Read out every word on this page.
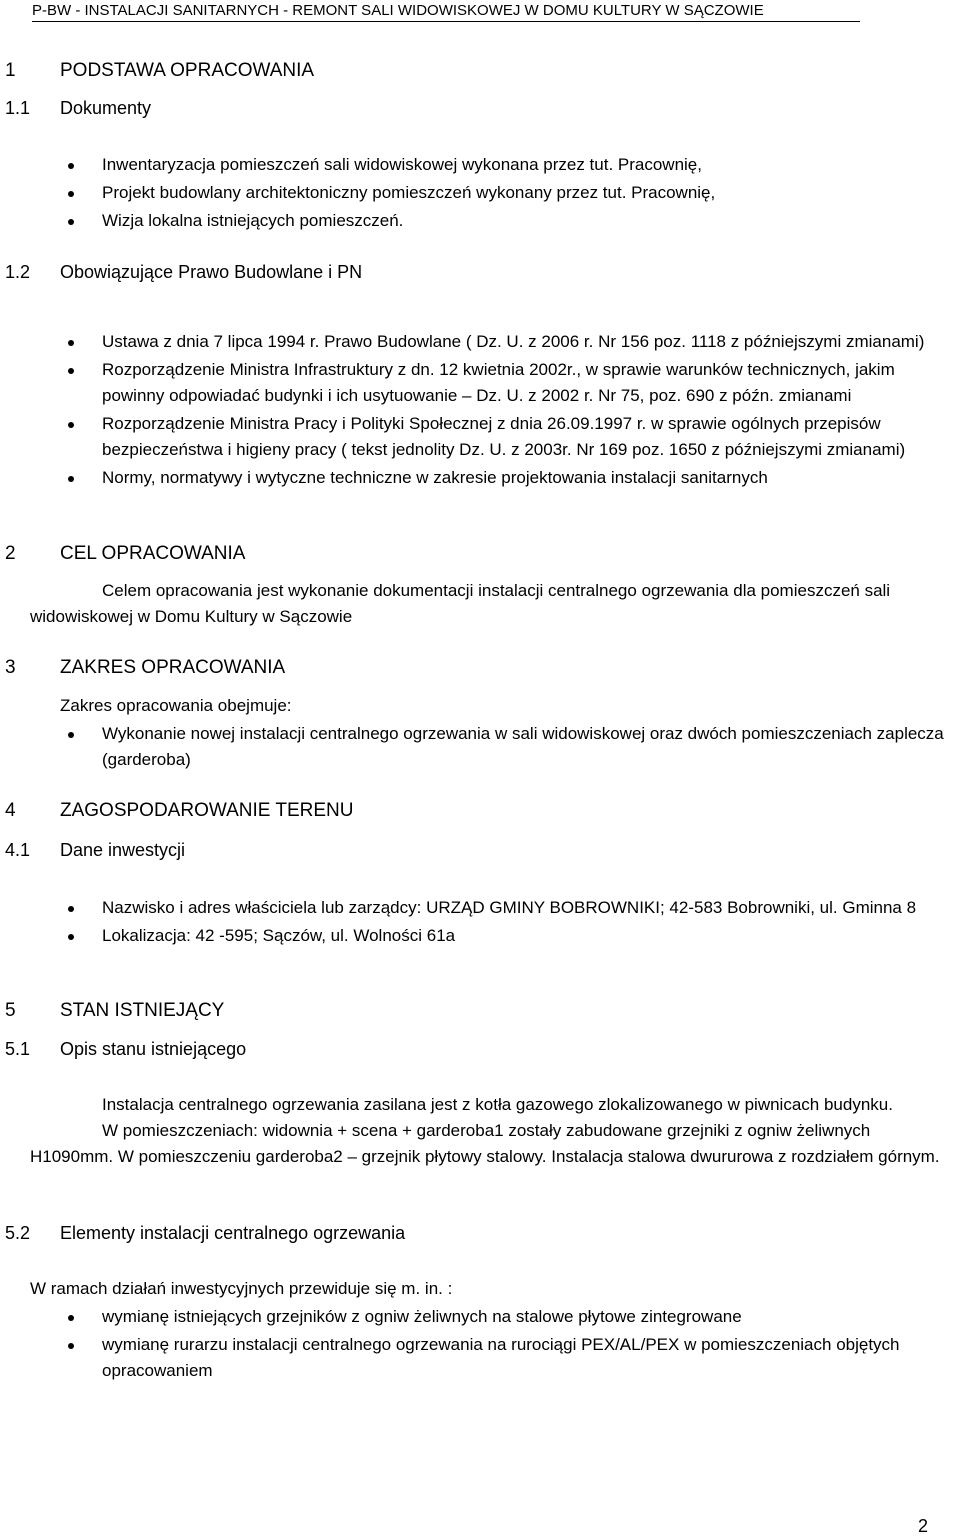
P-BW - INSTALACJI SANITARNYCH - REMONT SALI WIDOWISKOWEJ W DOMU KULTURY W SĄCZOWIE
1 PODSTAWA OPRACOWANIA
1.1 Dokumenty
Inwentaryzacja pomieszczeń sali widowiskowej wykonana przez tut. Pracownię,
Projekt budowlany architektoniczny pomieszczeń wykonany przez tut. Pracownię,
Wizja lokalna istniejących pomieszczeń.
1.2 Obowiązujące Prawo Budowlane i PN
Ustawa z dnia 7 lipca 1994 r. Prawo Budowlane ( Dz. U. z 2006 r. Nr 156 poz. 1118 z późniejszymi zmianami)
Rozporządzenie Ministra Infrastruktury z dn. 12 kwietnia 2002r., w sprawie warunków technicznych, jakim powinny odpowiadać budynki i ich usytuowanie – Dz. U. z 2002 r. Nr 75, poz. 690 z późn. zmianami
Rozporządzenie Ministra Pracy i Polityki Społecznej z dnia 26.09.1997 r. w sprawie ogólnych przepisów bezpieczeństwa i higieny pracy ( tekst jednolity Dz. U. z 2003r. Nr 169 poz. 1650 z późniejszymi zmianami)
Normy, normatywy i wytyczne techniczne w zakresie projektowania instalacji sanitarnych
2 CEL OPRACOWANIA
Celem opracowania jest wykonanie dokumentacji instalacji centralnego ogrzewania dla pomieszczeń sali widowiskowej w Domu Kultury w Sączowie
3 ZAKRES OPRACOWANIA
Zakres opracowania obejmuje:
Wykonanie nowej instalacji centralnego ogrzewania w sali widowiskowej oraz dwóch pomieszczeniach zaplecza (garderoba)
4 ZAGOSPODAROWANIE TERENU
4.1 Dane inwestycji
Nazwisko i adres właściciela lub zarządcy: URZĄD GMINY BOBROWNIKI; 42-583 Bobrowniki, ul. Gminna 8
Lokalizacja: 42 -595; Sączów, ul. Wolności 61a
5 STAN ISTNIEJĄCY
5.1 Opis stanu istniejącego
Instalacja centralnego ogrzewania zasilana jest z kotła gazowego zlokalizowanego w piwnicach budynku.
W pomieszczeniach: widownia + scena + garderoba1 zostały zabudowane grzejniki z ogniw żeliwnych H1090mm. W pomieszczeniu garderoba2 – grzejnik płytowy stalowy. Instalacja stalowa dwururowa z rozdziałem górnym.
5.2 Elementy instalacji centralnego ogrzewania
W ramach działań inwestycyjnych przewiduje się m. in. :
wymianę istniejących grzejników z ogniw żeliwnych na stalowe płytowe zintegrowane
wymianę rurarzu instalacji centralnego ogrzewania na rurociągi PEX/AL/PEX w pomieszczeniach objętych opracowaniem
2
